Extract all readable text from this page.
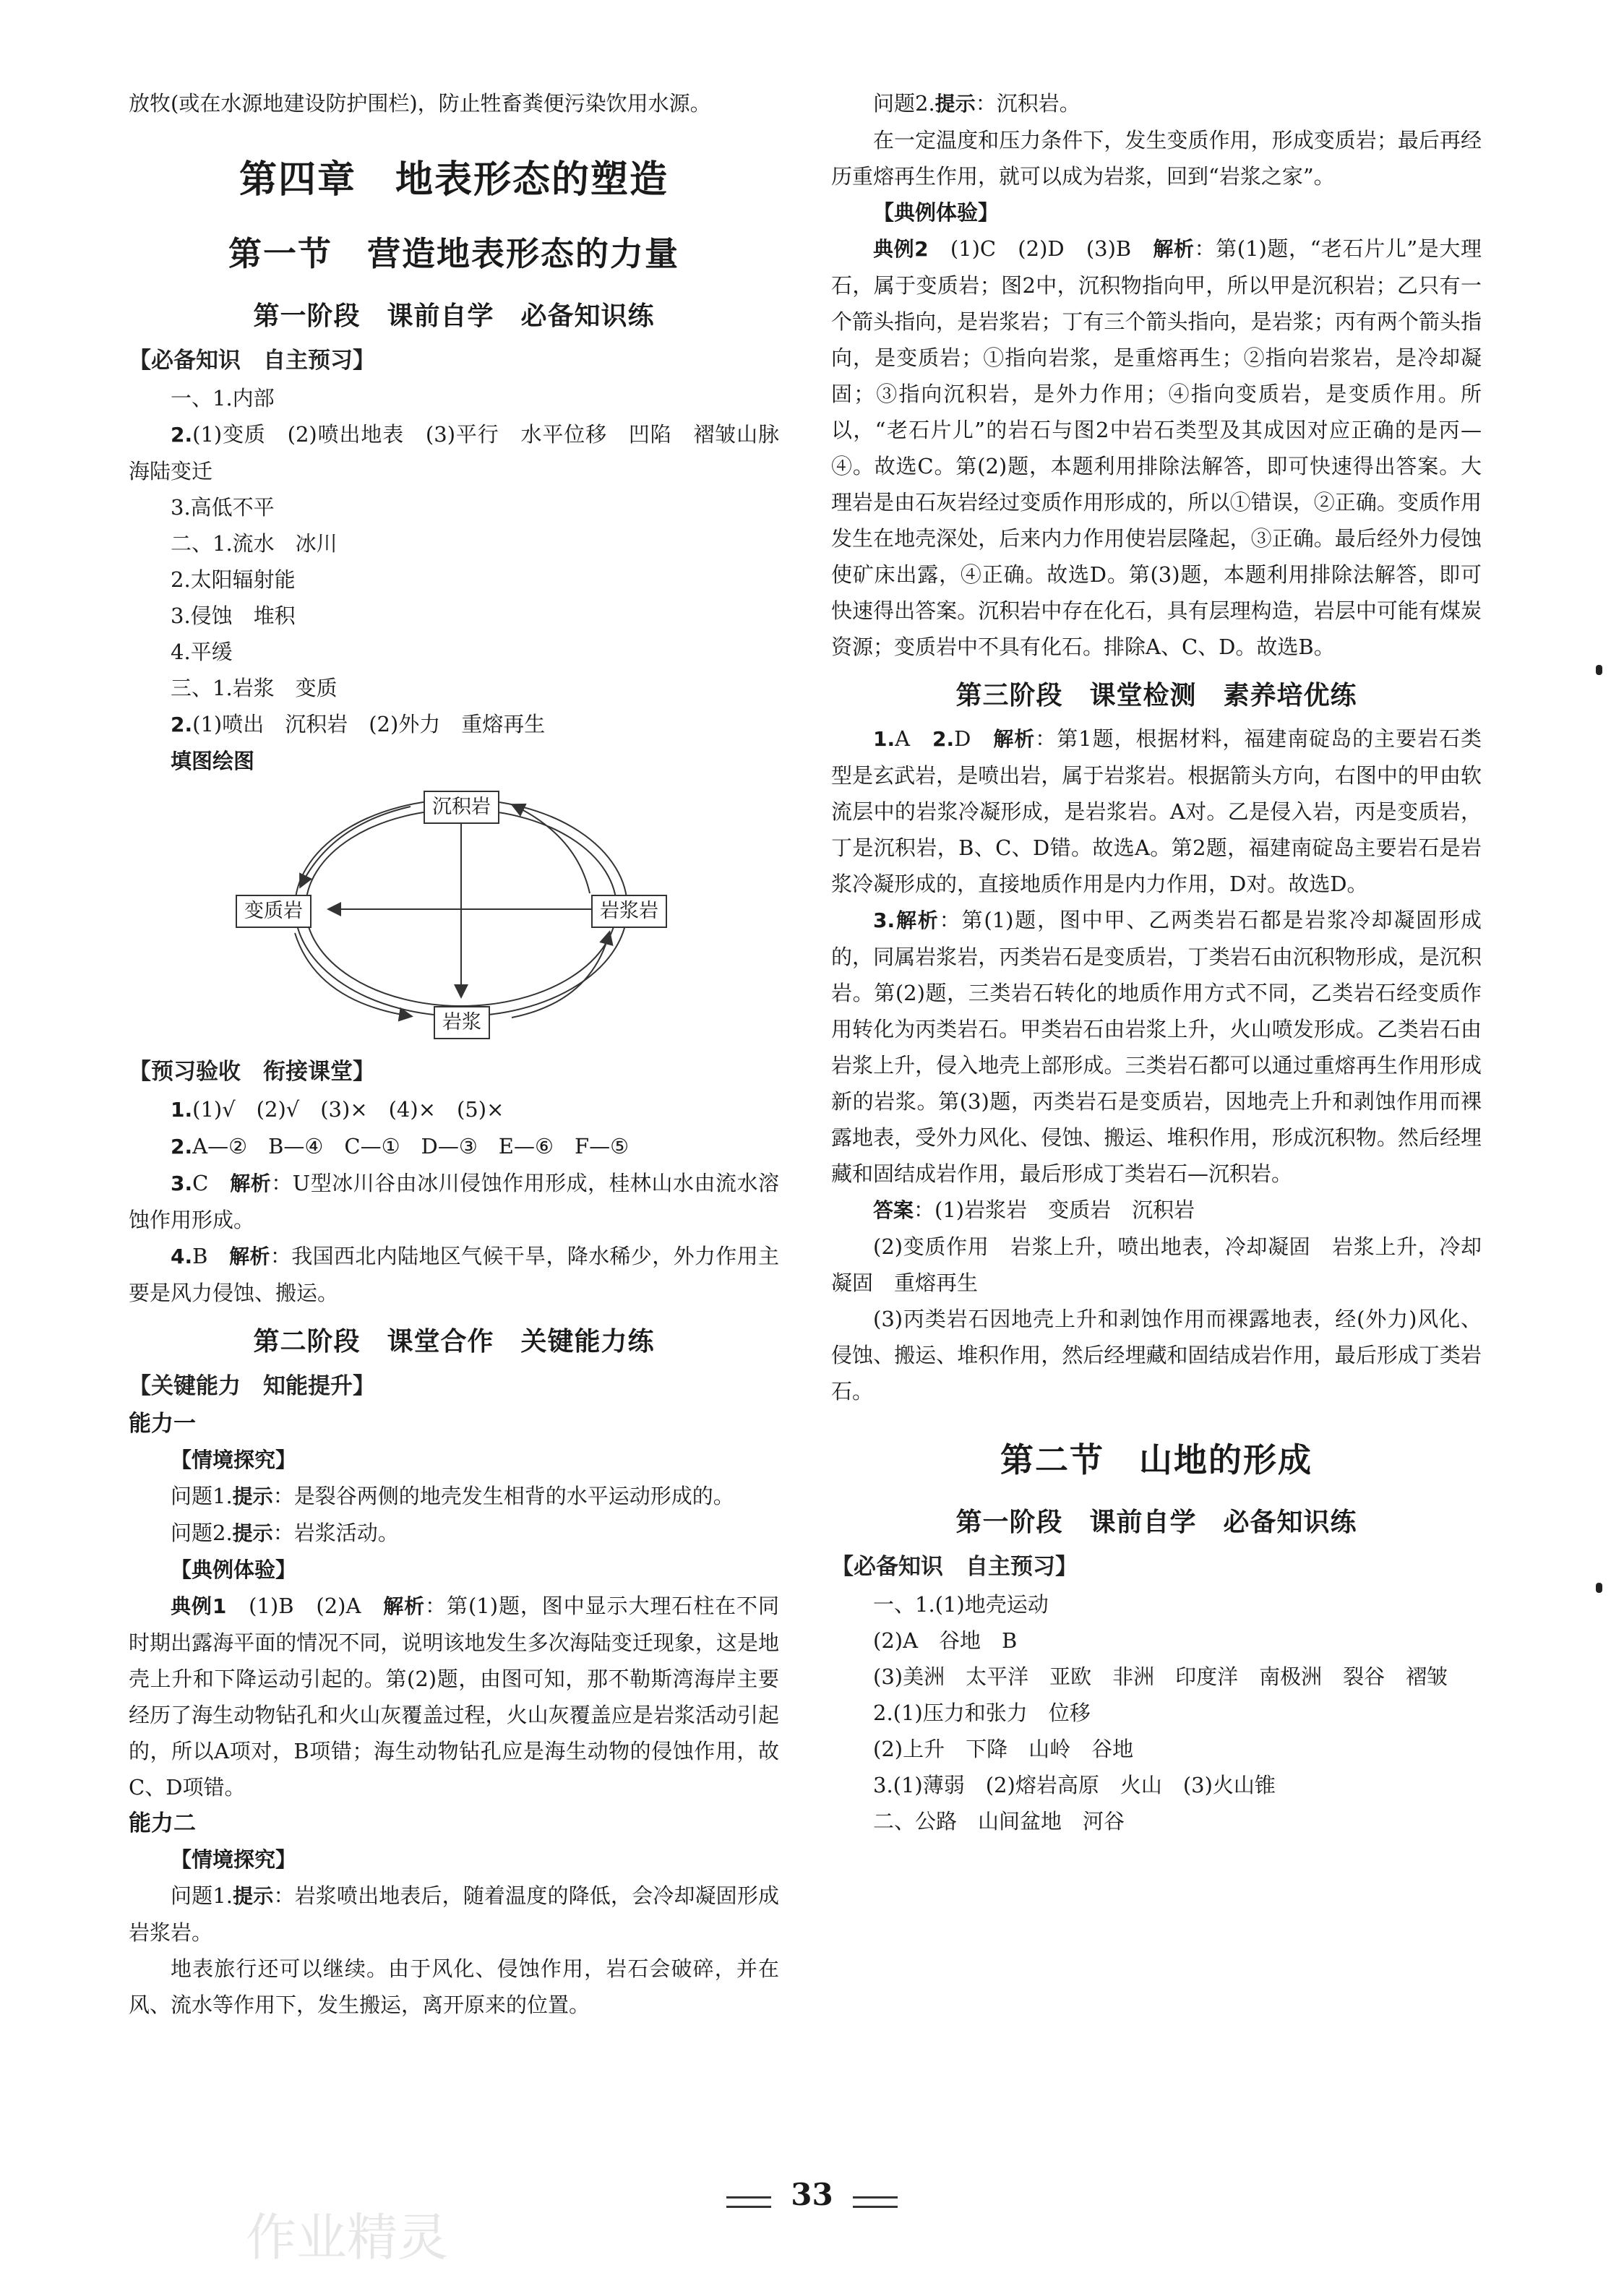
放牧(或在水源地建设防护围栏)，防止牲畜粪便污染饮用水源。

第四章　地表形态的塑造
第一节　营造地表形态的力量
第一阶段　课前自学　必备知识练
【必备知识　自主预习】

一、1.内部

2.(1)变质　(2)喷出地表　(3)平行　水平位移　凹陷　褶皱山脉　海陆变迁

3.高低不平

二、1.流水　冰川

2.太阳辐射能

3.侵蚀　堆积

4.平缓

三、1.岩浆　变质

2.(1)喷出　沉积岩　(2)外力　重熔再生

填图绘图

沉积岩
变质岩	岩浆岩
岩浆
【预习验收　衔接课堂】

1.(1)√　(2)√　(3)×　(4)×　(5)×

2.A—②　B—④　C—①　D—③　E—⑥　F—⑤

3.C　解析：U型冰川谷由冰川侵蚀作用形成，桂林山水由流水溶蚀作用形成。

4.B　解析：我国西北内陆地区气候干旱，降水稀少，外力作用主要是风力侵蚀、搬运。

第二阶段　课堂合作　关键能力练
【关键能力　知能提升】
能力一
【情境探究】

问题1.提示：是裂谷两侧的地壳发生相背的水平运动形成的。

问题2.提示：岩浆活动。

【典例体验】

典例1　(1)B　(2)A　解析：第(1)题，图中显示大理石柱在不同时期出露海平面的情况不同，说明该地发生多次海陆变迁现象，这是地壳上升和下降运动引起的。第(2)题，由图可知，那不勒斯湾海岸主要经历了海生动物钻孔和火山灰覆盖过程，火山灰覆盖应是岩浆活动引起的，所以A项对，B项错；海生动物钻孔应是海生动物的侵蚀作用，故C、D项错。

能力二
【情境探究】

问题1.提示：岩浆喷出地表后，随着温度的降低，会冷却凝固形成岩浆岩。

地表旅行还可以继续。由于风化、侵蚀作用，岩石会破碎，并在风、流水等作用下，发生搬运，离开原来的位置。

问题2.提示：沉积岩。

在一定温度和压力条件下，发生变质作用，形成变质岩；最后再经历重熔再生作用，就可以成为岩浆，回到“岩浆之家”。

【典例体验】

典例2　(1)C　(2)D　(3)B　解析：第(1)题，“老石片儿”是大理石，属于变质岩；图2中，沉积物指向甲，所以甲是沉积岩；乙只有一个箭头指向，是岩浆岩；丁有三个箭头指向，是岩浆；丙有两个箭头指向，是变质岩；①指向岩浆，是重熔再生；②指向岩浆岩，是冷却凝固；③指向沉积岩，是外力作用；④指向变质岩，是变质作用。所以，“老石片儿”的岩石与图2中岩石类型及其成因对应正确的是丙—④。故选C。第(2)题，本题利用排除法解答，即可快速得出答案。大理岩是由石灰岩经过变质作用形成的，所以①错误，②正确。变质作用发生在地壳深处，后来内力作用使岩层隆起，③正确。最后经外力侵蚀使矿床出露，④正确。故选D。第(3)题，本题利用排除法解答，即可快速得出答案。沉积岩中存在化石，具有层理构造，岩层中可能有煤炭资源；变质岩中不具有化石。排除A、C、D。故选B。

第三阶段　课堂检测　素养培优练

1.A　2.D　解析：第1题，根据材料，福建南碇岛的主要岩石类型是玄武岩，是喷出岩，属于岩浆岩。根据箭头方向，右图中的甲由软流层中的岩浆冷凝形成，是岩浆岩。A对。乙是侵入岩，丙是变质岩，丁是沉积岩，B、C、D错。故选A。第2题，福建南碇岛主要岩石是岩浆冷凝形成的，直接地质作用是内力作用，D对。故选D。

3.解析：第(1)题，图中甲、乙两类岩石都是岩浆冷却凝固形成的，同属岩浆岩，丙类岩石是变质岩，丁类岩石由沉积物形成，是沉积岩。第(2)题，三类岩石转化的地质作用方式不同，乙类岩石经变质作用转化为丙类岩石。甲类岩石由岩浆上升，火山喷发形成。乙类岩石由岩浆上升，侵入地壳上部形成。三类岩石都可以通过重熔再生作用形成新的岩浆。第(3)题，丙类岩石是变质岩，因地壳上升和剥蚀作用而裸露地表，受外力风化、侵蚀、搬运、堆积作用，形成沉积物。然后经埋藏和固结成岩作用，最后形成丁类岩石—沉积岩。

答案：(1)岩浆岩　变质岩　沉积岩

(2)变质作用　岩浆上升，喷出地表，冷却凝固　岩浆上升，冷却凝固　重熔再生

(3)丙类岩石因地壳上升和剥蚀作用而裸露地表，经(外力)风化、侵蚀、搬运、堆积作用，然后经埋藏和固结成岩作用，最后形成丁类岩石。

第二节　山地的形成
第一阶段　课前自学　必备知识练
【必备知识　自主预习】

一、1.(1)地壳运动

(2)A　谷地　B

(3)美洲　太平洋　亚欧　非洲　印度洋　南极洲　裂谷　褶皱

2.(1)压力和张力　位移

(2)上升　下降　山岭　谷地

3.(1)薄弱　(2)熔岩高原　火山　(3)火山锥

二、公路　山间盆地　河谷

33
作业精灵
